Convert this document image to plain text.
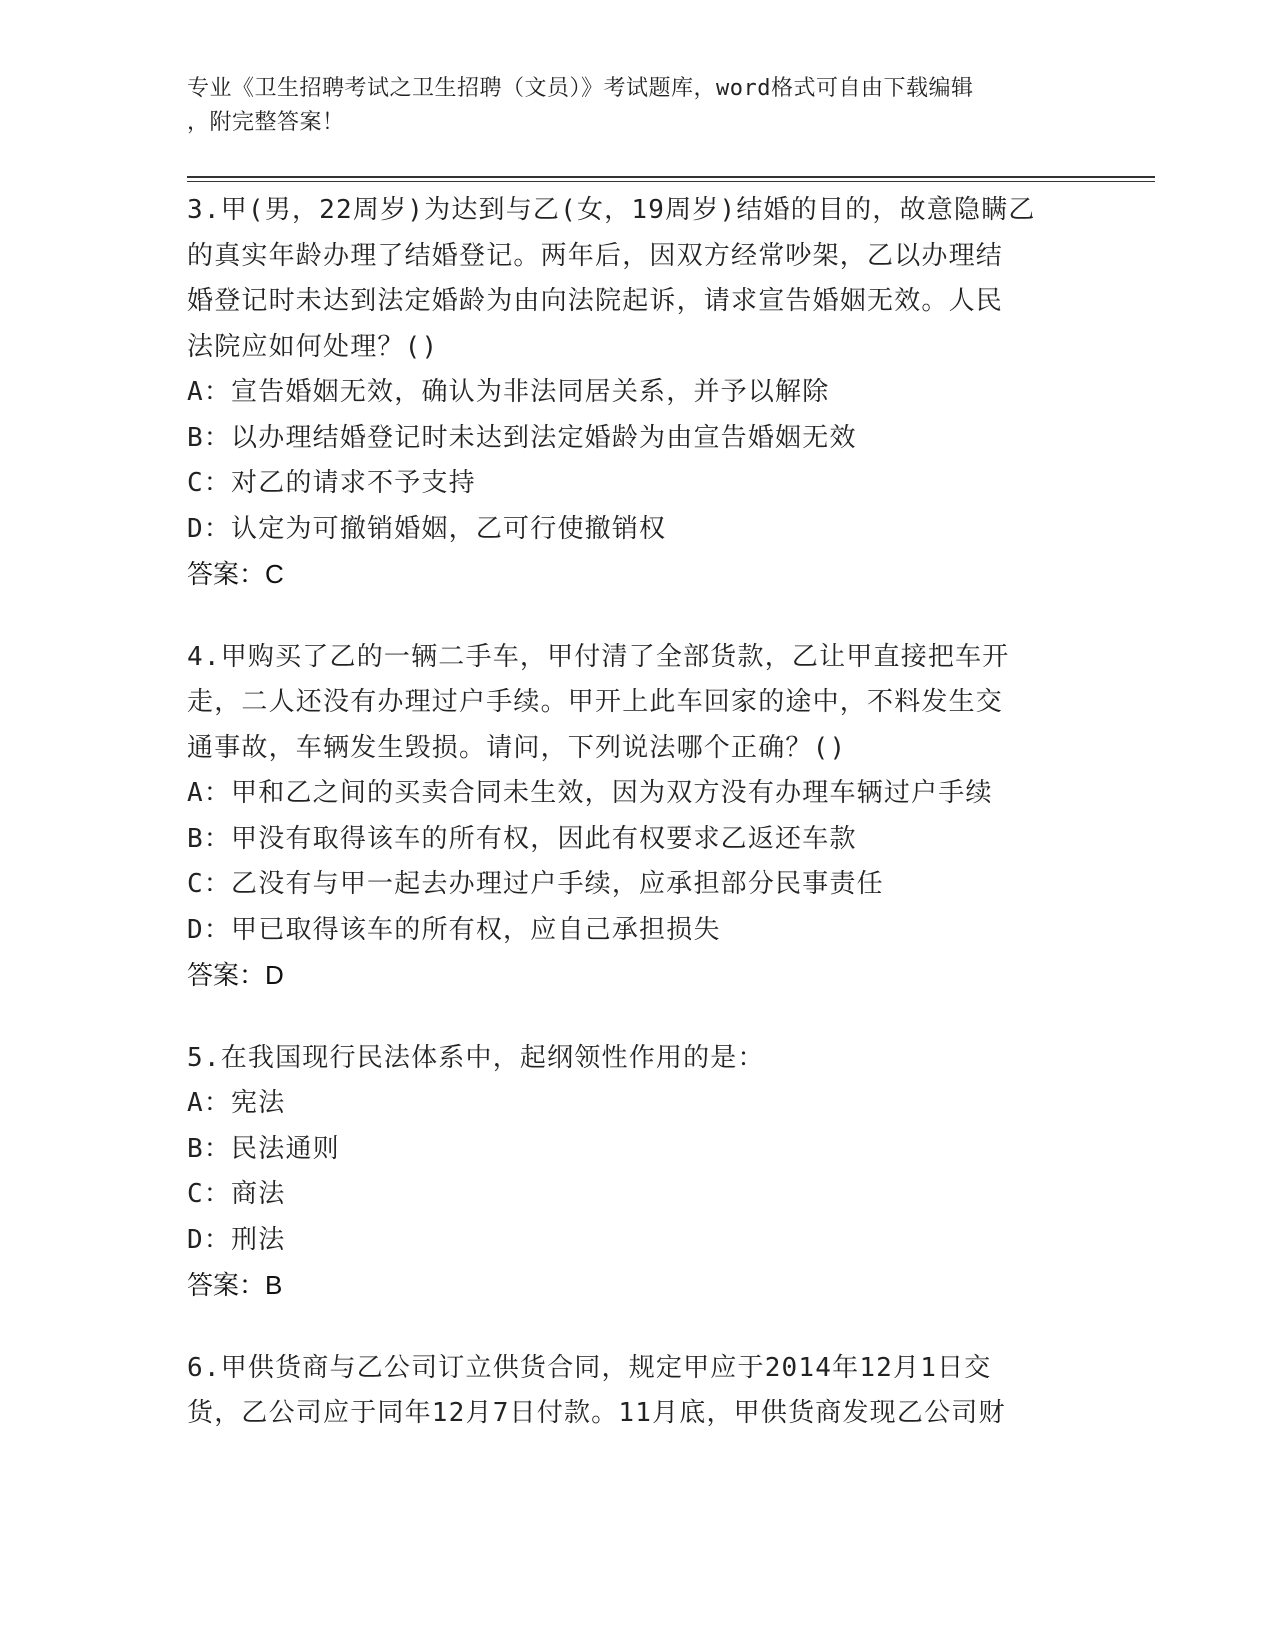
专业《卫生招聘考试之卫生招聘（文员）》考试题库，word格式可自由下载编辑
，附完整答案！
3.甲(男，22周岁)为达到与乙(女，19周岁)结婚的目的，故意隐瞒乙
的真实年龄办理了结婚登记。两年后，因双方经常吵架，乙以办理结
婚登记时未达到法定婚龄为由向法院起诉，请求宣告婚姻无效。人民
法院应如何处理？()
A：宣告婚姻无效，确认为非法同居关系，并予以解除
B：以办理结婚登记时未达到法定婚龄为由宣告婚姻无效
C：对乙的请求不予支持
D：认定为可撤销婚姻，乙可行使撤销权
答案：C
4.甲购买了乙的一辆二手车，甲付清了全部货款，乙让甲直接把车开
走，二人还没有办理过户手续。甲开上此车回家的途中，不料发生交
通事故，车辆发生毁损。请问，下列说法哪个正确？()
A：甲和乙之间的买卖合同未生效，因为双方没有办理车辆过户手续
B：甲没有取得该车的所有权，因此有权要求乙返还车款
C：乙没有与甲一起去办理过户手续，应承担部分民事责任
D：甲已取得该车的所有权，应自己承担损失
答案：D
5.在我国现行民法体系中，起纲领性作用的是：
A：宪法
B：民法通则
C：商法
D：刑法
答案：B
6.甲供货商与乙公司订立供货合同，规定甲应于2014年12月1日交
货，乙公司应于同年12月7日付款。11月底，甲供货商发现乙公司财
